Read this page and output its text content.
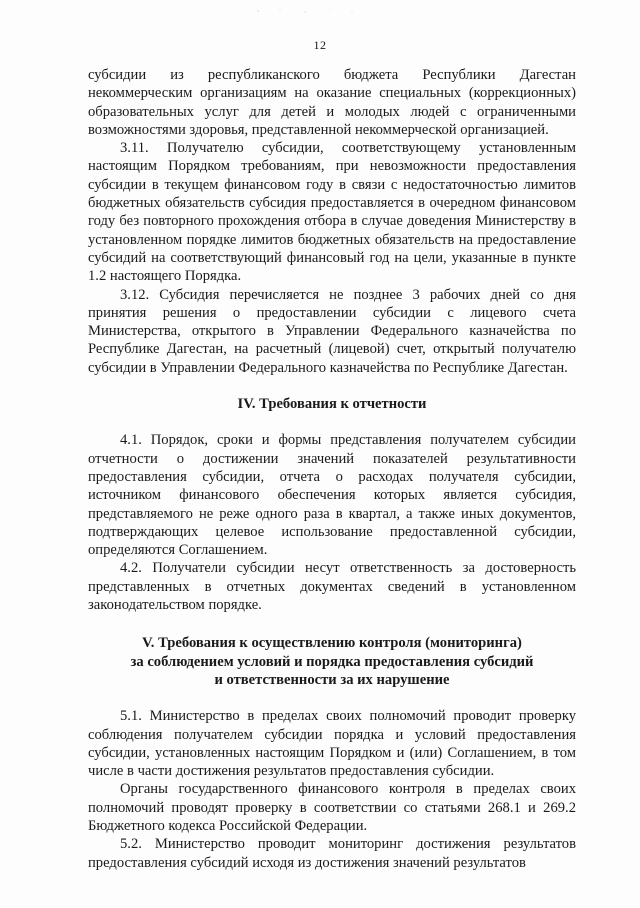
12

субсидии из республиканского бюджета Республики Дагестан некоммерческим организациям на оказание специальных (коррекционных) образовательных услуг для детей и молодых людей с ограниченными возможностями здоровья, представленной некоммерческой организацией.

3.11. Получателю субсидии, соответствующему установленным настоящим Порядком требованиям, при невозможности предоставления субсидии в текущем финансовом году в связи с недостаточностью лимитов бюджетных обязательств субсидия предоставляется в очередном финансовом году без повторного прохождения отбора в случае доведения Министерству в установленном порядке лимитов бюджетных обязательств на предоставление субсидий на соответствующий финансовый год на цели, указанные в пункте 1.2 настоящего Порядка.

3.12. Субсидия перечисляется не позднее 3 рабочих дней со дня принятия решения о предоставлении субсидии с лицевого счета Министерства, открытого в Управлении Федерального казначейства по Республике Дагестан, на расчетный (лицевой) счет, открытый получателю субсидии в Управлении Федерального казначейства по Республике Дагестан.

IV. Требования к отчетности

4.1. Порядок, сроки и формы представления получателем субсидии отчетности о достижении значений показателей результативности предоставления субсидии, отчета о расходах получателя субсидии, источником финансового обеспечения которых является субсидия, представляемого не реже одного раза в квартал, а также иных документов, подтверждающих целевое использование предоставленной субсидии, определяются Соглашением.

4.2. Получатели субсидии несут ответственность за достоверность представленных в отчетных документах сведений в установленном законодательством порядке.

V. Требования к осуществлению контроля (мониторинга)
за соблюдением условий и порядка предоставления субсидий
и ответственности за их нарушение

5.1. Министерство в пределах своих полномочий проводит проверку соблюдения получателем субсидии порядка и условий предоставления субсидии, установленных настоящим Порядком и (или) Соглашением, в том числе в части достижения результатов предоставления субсидии.

Органы государственного финансового контроля в пределах своих полномочий проводят проверку в соответствии со статьями 268.1 и 269.2 Бюджетного кодекса Российской Федерации.

5.2. Министерство проводит мониторинг достижения результатов предоставления субсидий исходя из достижения значений результатов
